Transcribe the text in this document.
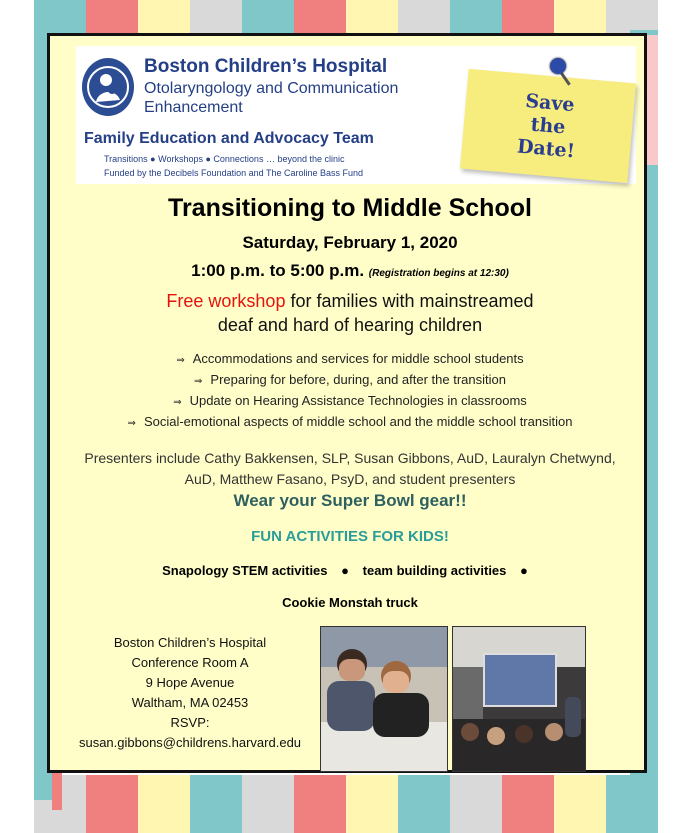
Boston Children’s Hospital
Otolaryngology and Communication Enhancement
Family Education and Advocacy Team
Transitions ● Workshops ● Connections … beyond the clinic
Funded by the Decibels Foundation and The Caroline Bass Fund
Save
the
Date!
Transitioning to Middle School
Saturday, February 1, 2020
1:00 p.m. to 5:00 p.m. (Registration begins at 12:30)
Free workshop for families with mainstreamed
deaf and hard of hearing children
⇒ Accommodations and services for middle school students
⇒ Preparing for before, during, and after the transition
⇒ Update on Hearing Assistance Technologies in classrooms
⇒ Social-emotional aspects of middle school and the middle school transition
Presenters include Cathy Bakkensen, SLP, Susan Gibbons, AuD, Lauralyn Chetwynd, AuD, Matthew Fasano, PsyD, and student presenters
Wear your Super Bowl gear!!
FUN ACTIVITIES FOR KIDS!
Snapology STEM activities ● team building activities ●
Cookie Monstah truck
Boston Children’s Hospital
Conference Room A
9 Hope Avenue
Waltham, MA 02453
RSVP:
susan.gibbons@childrens.harvard.edu
